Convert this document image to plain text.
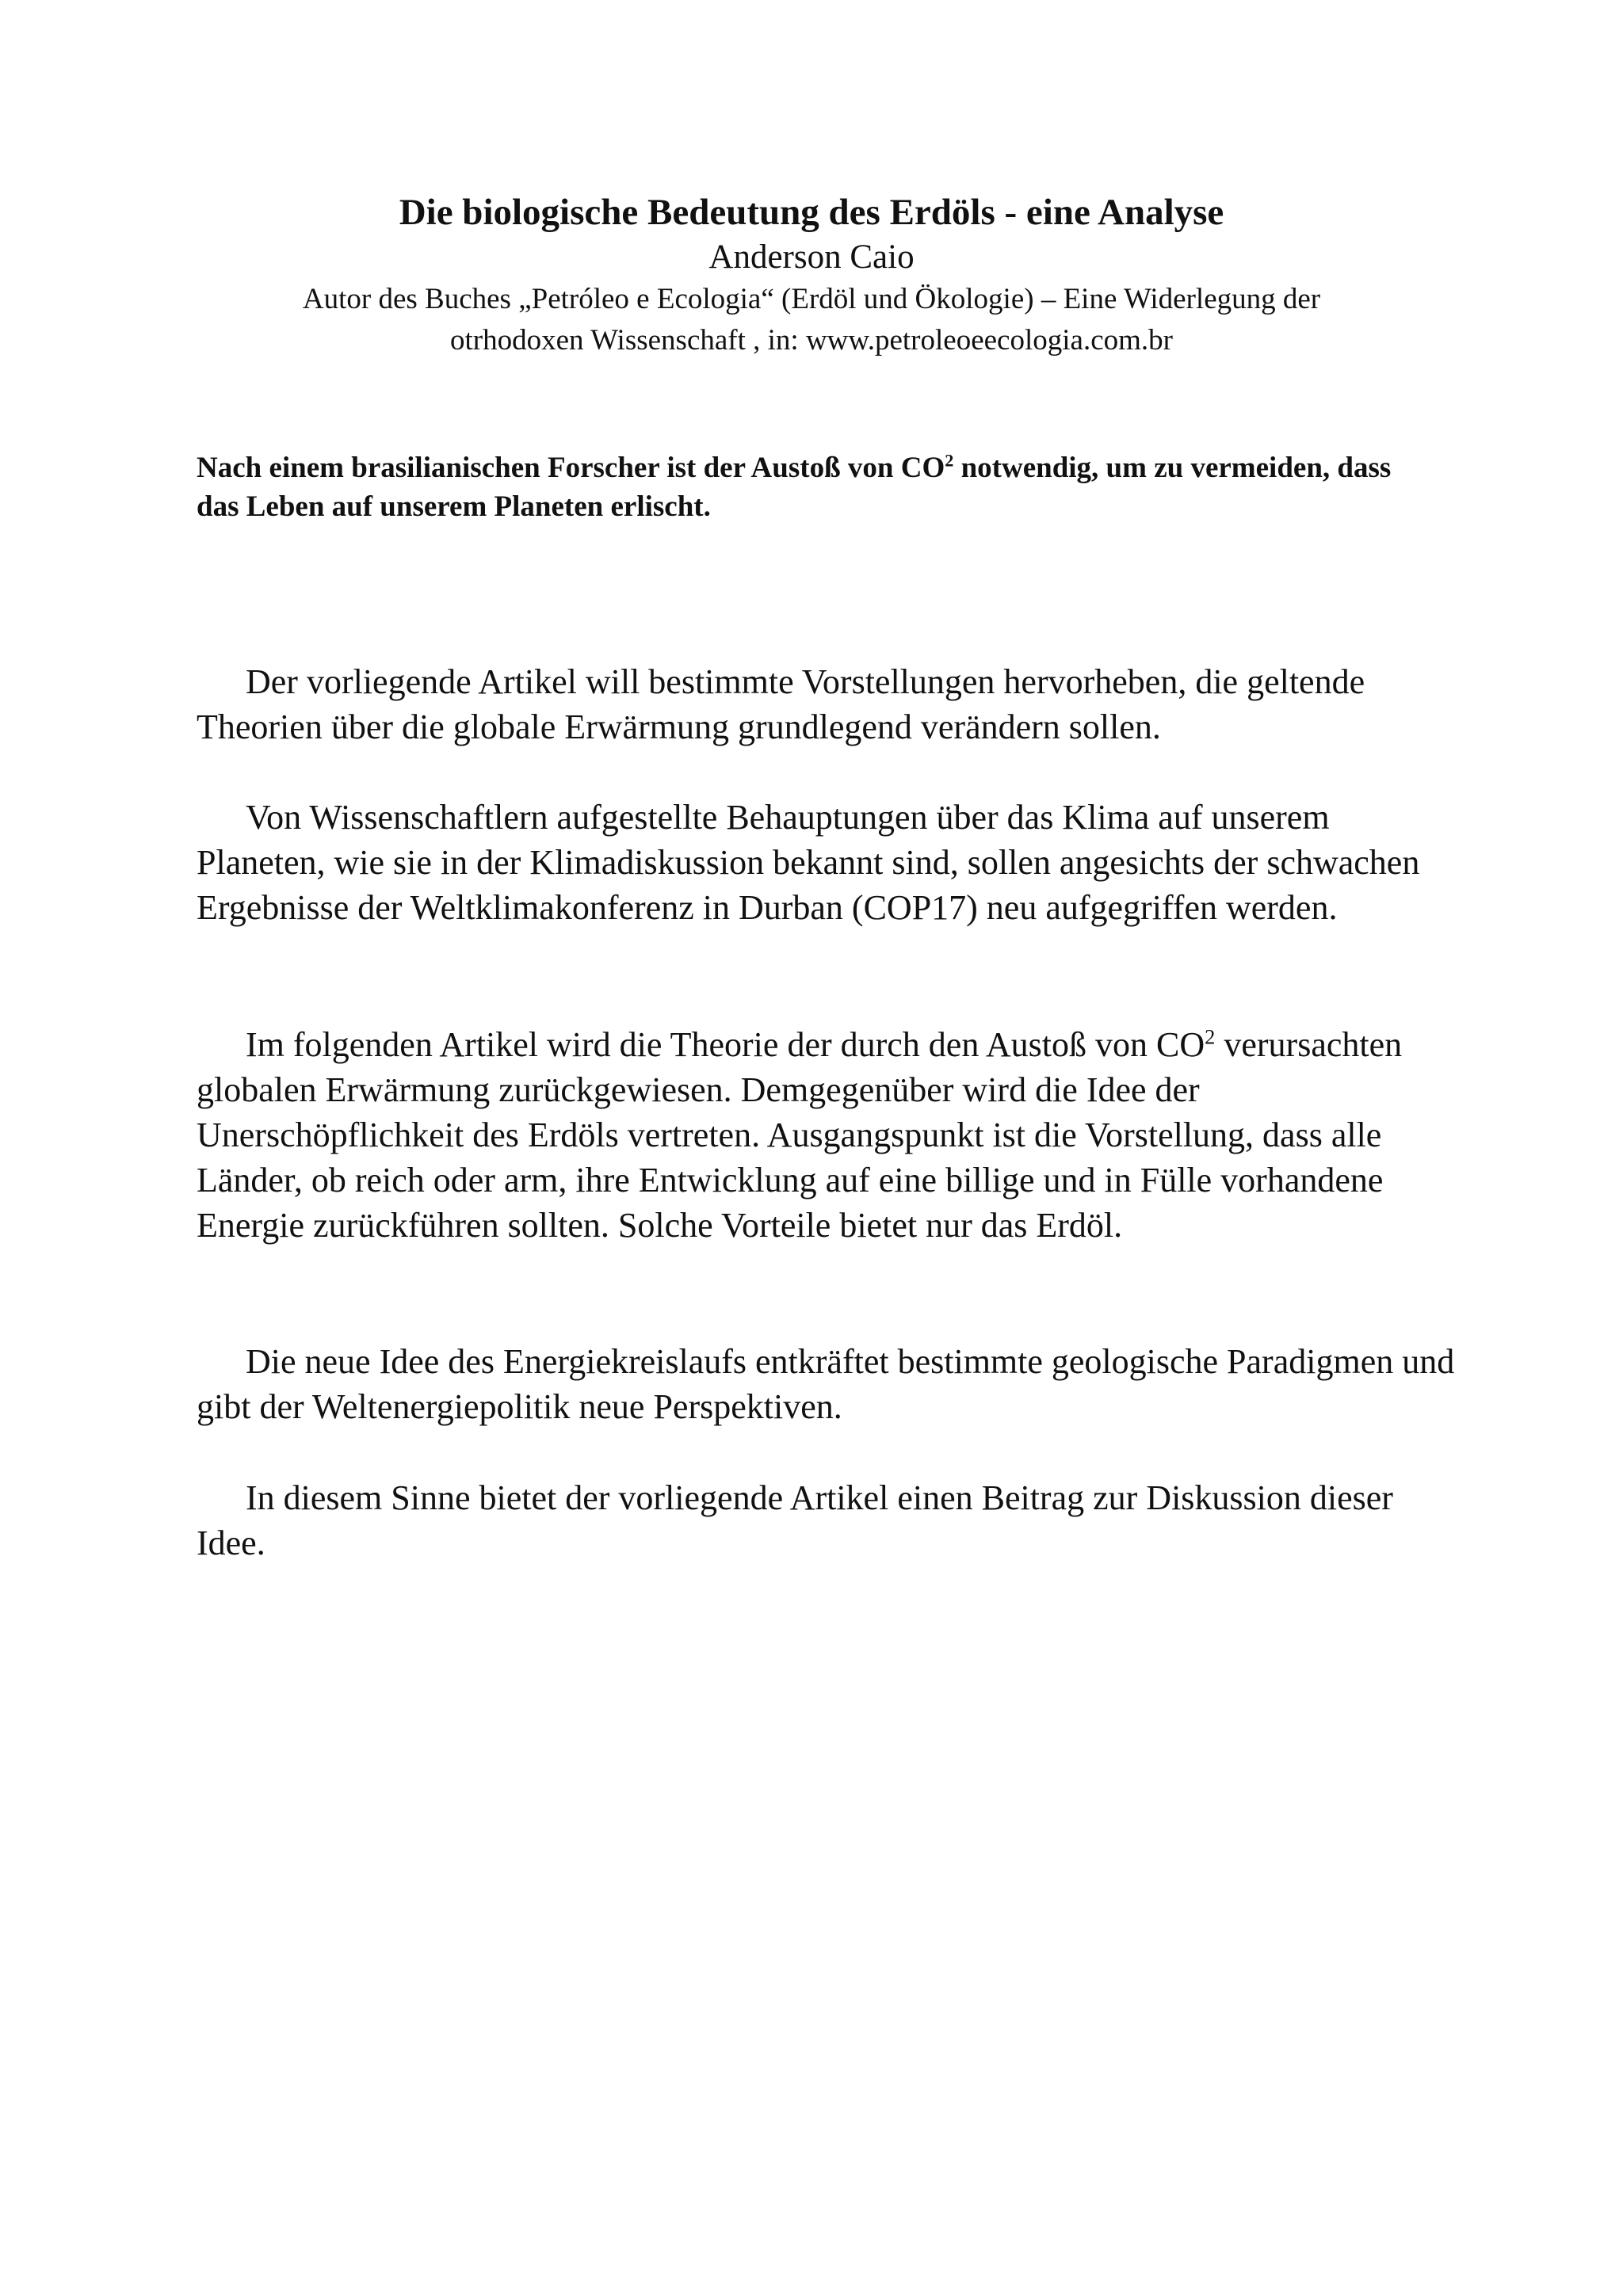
Die biologische Bedeutung des Erdöls - eine Analyse

Anderson Caio

Autor des Buches „Petróleo e Ecologia“ (Erdöl und Ökologie) – Eine Widerlegung der
otrhodoxen Wissenschaft , in: www.petroleoeecologia.com.br

Nach einem brasilianischen Forscher ist der Austoß von $CO^2$ notwendig, um zu vermeiden, dass das Leben auf unserem Planeten erlischt.

Der vorliegende Artikel will bestimmte Vorstellungen hervorheben, die geltende Theorien über die globale Erwärmung grundlegend verändern sollen.

Von Wissenschaftlern aufgestellte Behauptungen über das Klima auf unserem Planeten, wie sie in der Klimadiskussion bekannt sind, sollen angesichts der schwachen Ergebnisse der Weltklimakonferenz in Durban (COP17) neu aufgegriffen werden.

Im folgenden Artikel wird die Theorie der durch den Austoß von $CO^2$ verursachten globalen Erwärmung zurückgewiesen. Demgegenüber wird die Idee der Unerschöpflichkeit des Erdöls vertreten. Ausgangspunkt ist die Vorstellung, dass alle Länder, ob reich oder arm, ihre Entwicklung auf eine billige und in Fülle vorhandene Energie zurückführen sollten. Solche Vorteile bietet nur das Erdöl.

Die neue Idee des Energiekreislaufs entkräftet bestimmte geologische Paradigmen und gibt der Weltenergiepolitik neue Perspektiven.

In diesem Sinne bietet der vorliegende Artikel einen Beitrag zur Diskussion dieser Idee.
